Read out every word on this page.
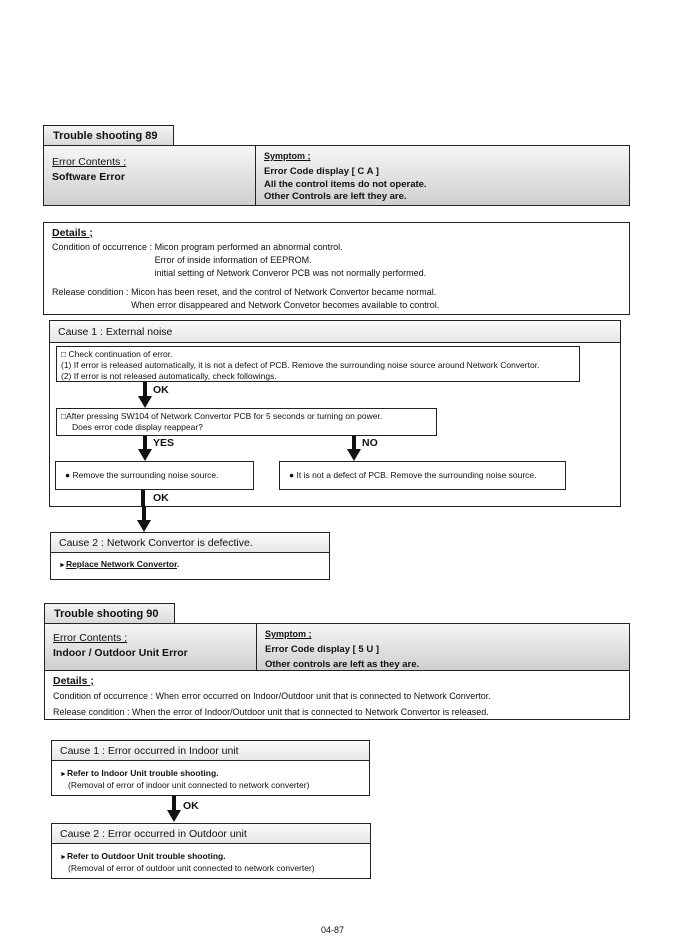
Trouble shooting 89
Error Contents ;
Software Error
Symptom ;
Error Code display [ C A ]
All the control items do not operate.
Other Controls are left they are.
Details ;
Condition of occurrence : Micon program performed an abnormal control.
Error of inside information of EEPROM.
initial setting of Network Converor PCB was not normally performed.
Release condition : Micon has been reset, and the control of Network Convertor became normal.
When error disappeared and Network Convetor becomes available to control.
Cause 1 : External noise
□ Check continuation of error.
(1) If error is released automatically, it is not a defect of PCB. Remove the surrounding noise source around Network Convertor.
(2) If error is not released automatically, check followings.
OK
□After pressing SW104 of Network Convertor PCB for 5 seconds or turning on power.
Does error code display reappear?
YES	NO
● Remove the surrounding noise source.	● It is not a defect of PCB. Remove the surrounding noise source.
OK
Cause 2 : Network Convertor is defective.
►Replace Network Convertor.
Trouble shooting 90
Error Contents ;
Indoor / Outdoor Unit Error
Symptom ;
Error Code display [ 5 U ]
Other controls are left as they are.
Details ;
Condition of occurrence : When error occurred on Indoor/Outdoor unit that is connected to Network Convertor.
Release condition : When the error of Indoor/Outdoor unit that is connected to Network Convertor is released.
Cause 1 : Error occurred in Indoor unit
►Refer to Indoor Unit trouble shooting.
(Removal of error of indoor unit connected to network converter)
OK
Cause 2 : Error occurred in Outdoor unit
►Refer to Outdoor Unit trouble shooting.
(Removal of error of outdoor unit connected to network converter)
04-87
